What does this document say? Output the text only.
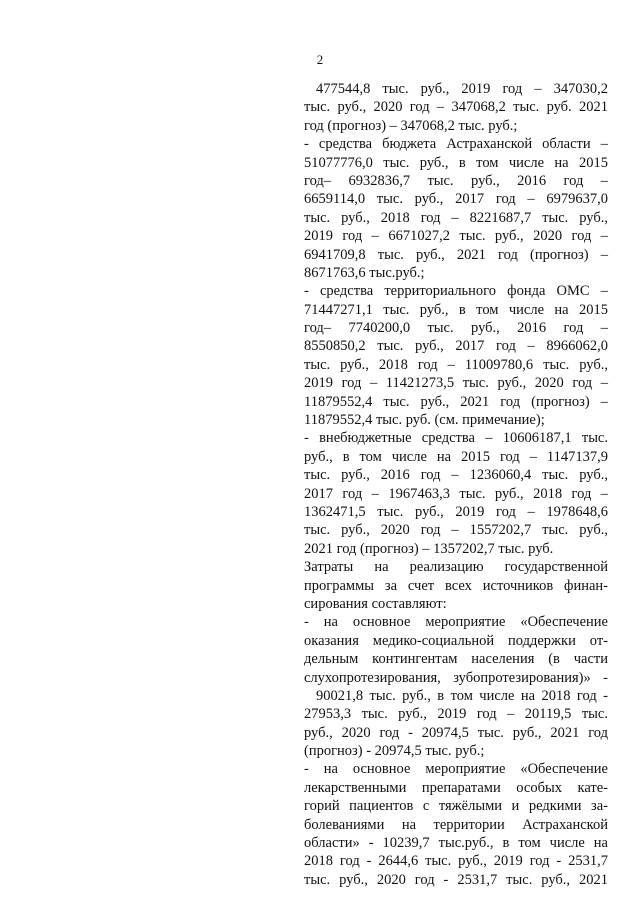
2
477544,8 тыс. руб., 2019 год – 347030,2
тыс. руб., 2020 год – 347068,2 тыс. руб. 2021
год (прогноз) – 347068,2 тыс. руб.;
- средства бюджета Астраханской области –
51077776,0 тыс. руб., в том числе на 2015
год– 6932836,7 тыс. руб., 2016 год –
6659114,0 тыс. руб., 2017 год – 6979637,0
тыс. руб., 2018 год – 8221687,7 тыс. руб.,
2019 год – 6671027,2 тыс. руб., 2020 год –
6941709,8 тыс. руб., 2021 год (прогноз) –
8671763,6 тыс.руб.;
- средства территориального фонда ОМС –
71447271,1 тыс. руб., в том числе на 2015
год– 7740200,0 тыс. руб., 2016 год –
8550850,2 тыс. руб., 2017 год – 8966062,0
тыс. руб., 2018 год – 11009780,6 тыс. руб.,
2019 год – 11421273,5 тыс. руб., 2020 год –
11879552,4 тыс. руб., 2021 год (прогноз) –
11879552,4 тыс. руб. (см. примечание);
- внебюджетные средства – 10606187,1 тыс.
руб., в том числе на 2015 год – 1147137,9
тыс. руб., 2016 год – 1236060,4 тыс. руб.,
2017 год – 1967463,3 тыс. руб., 2018 год –
1362471,5 тыс. руб., 2019 год – 1978648,6
тыс. руб., 2020 год – 1557202,7 тыс. руб.,
2021 год (прогноз) – 1357202,7 тыс. руб.
Затраты на реализацию государственной
программы за счет всех источников финан-
сирования составляют:
- на основное мероприятие «Обеспечение
оказания медико-социальной поддержки от-
дельным контингентам населения (в части
слухопротезирования, зубопротезирования)» -
90021,8 тыс. руб., в том числе на 2018 год -
27953,3 тыс. руб., 2019 год – 20119,5 тыс.
руб., 2020 год - 20974,5 тыс. руб., 2021 год
(прогноз) - 20974,5 тыс. руб.;
- на основное мероприятие «Обеспечение
лекарственными препаратами особых кате-
горий пациентов с тяжёлыми и редкими за-
болеваниями на территории Астраханской
области» - 10239,7 тыс.руб., в том числе на
2018 год - 2644,6 тыс. руб., 2019 год - 2531,7
тыс. руб., 2020 год - 2531,7 тыс. руб., 2021
